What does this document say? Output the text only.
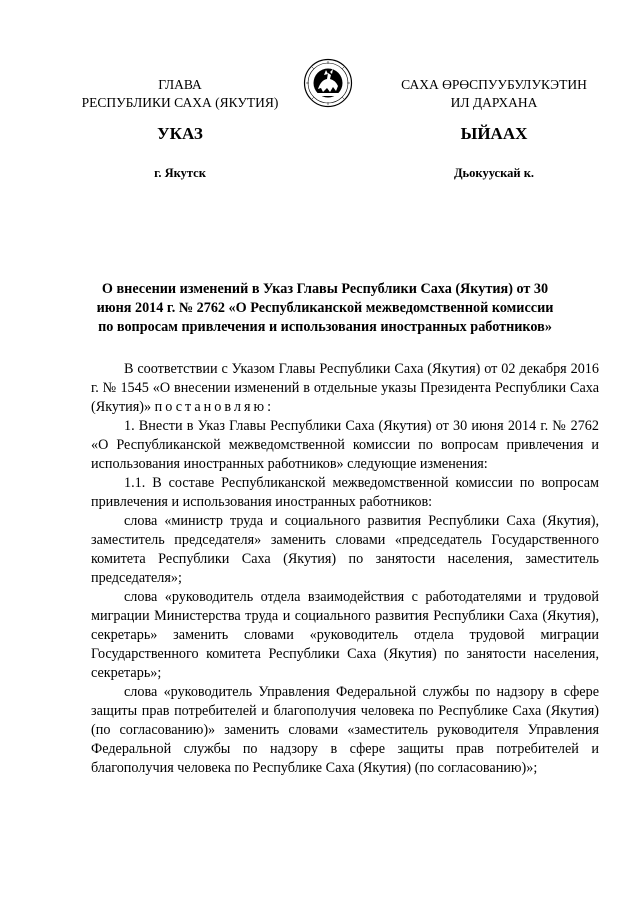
ГЛАВА
РЕСПУБЛИКИ САХА (ЯКУТИЯ)
САХА ӨРӨСПУУБУЛУКЭТИН
ИЛ ДАРХАНА
УКАЗ	ЫЙААХ
г. Якутск	Дьокуускай к.
О внесении изменений в Указ Главы Республики Саха (Якутия) от 30 июня 2014 г. № 2762 «О Республиканской межведомственной комиссии по вопросам привлечения и использования иностранных работников»

В соответствии с Указом Главы Республики Саха (Якутия) от 02 декабря 2016 г. № 1545 «О внесении изменений в отдельные указы Президента Республики Саха (Якутия)» постановляю:

1. Внести в Указ Главы Республики Саха (Якутия) от 30 июня 2014 г. № 2762 «О Республиканской межведомственной комиссии по вопросам привлечения и использования иностранных работников» следующие изменения:

1.1. В составе Республиканской межведомственной комиссии по вопросам привлечения и использования иностранных работников:

слова «министр труда и социального развития Республики Саха (Якутия), заместитель председателя» заменить словами «председатель Государственного комитета Республики Саха (Якутия) по занятости населения, заместитель председателя»;

слова «руководитель отдела взаимодействия с работодателями и трудовой миграции Министерства труда и социального развития Республики Саха (Якутия), секретарь» заменить словами «руководитель отдела трудовой миграции Государственного комитета Республики Саха (Якутия) по занятости населения, секретарь»;

слова «руководитель Управления Федеральной службы по надзору в сфере защиты прав потребителей и благополучия человека по Республике Саха (Якутия) (по согласованию)» заменить словами «заместитель руководителя Управления Федеральной службы по надзору в сфере защиты прав потребителей и благополучия человека по Республике Саха (Якутия) (по согласованию)»;
